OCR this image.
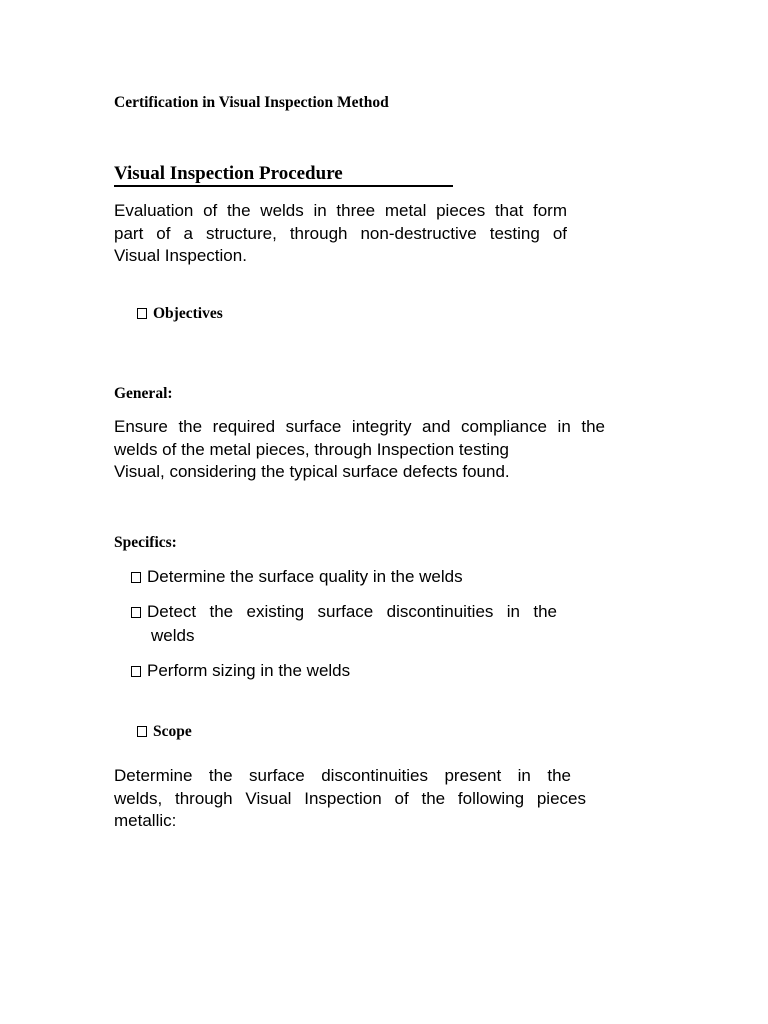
Certification in Visual Inspection Method
Visual Inspection Procedure
Evaluation of the welds in three metal pieces that form
part of a structure, through non-destructive testing of
Visual Inspection.
Objectives
General:
Ensure the required surface integrity and compliance in the
welds of the metal pieces, through Inspection testing
Visual, considering the typical surface defects found.
Specifics:
Determine the surface quality in the welds
Detect the existing surface discontinuities in the
welds
Perform sizing in the welds
Scope
Determine the surface discontinuities present in the
welds, through Visual Inspection of the following pieces
metallic:
